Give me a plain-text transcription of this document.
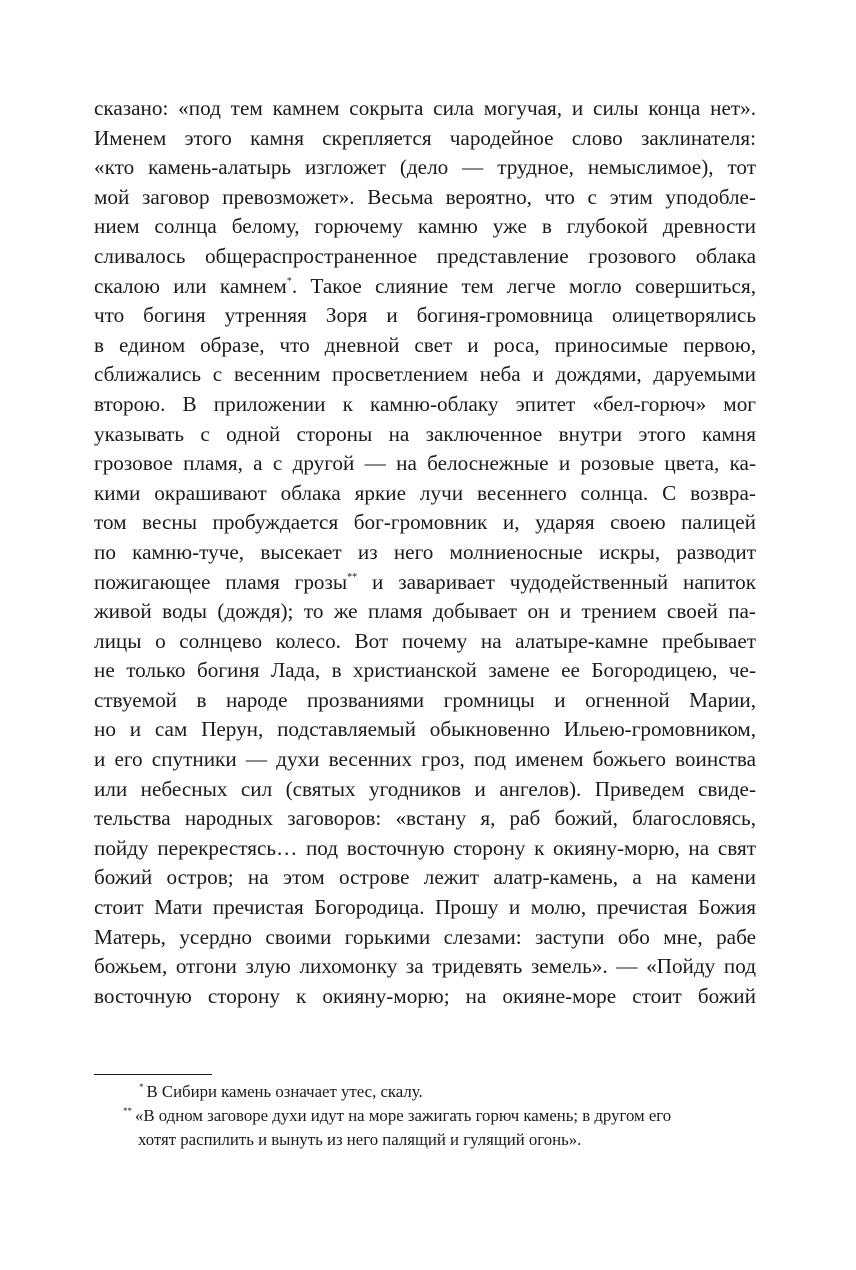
сказано: «под тем камнем сокрыта сила могучая, и силы конца нет».
Именем этого камня скрепляется чародейное слово заклинателя:
«кто камень-алатырь изгложет (дело — трудное, немыслимое), тот
мой заговор превозможет». Весьма вероятно, что с этим уподобле-
нием солнца белому, горючему камню уже в глубокой древности
сливалось общераспространенное представление грозового облака
скалою или камнем*. Такое слияние тем легче могло совершиться,
что богиня утренняя Зоря и богиня-громовница олицетворялись
в едином образе, что дневной свет и роса, приносимые первою,
сближались с весенним просветлением неба и дождями, даруемыми
второю. В приложении к камню-облаку эпитет «бел-горюч» мог
указывать с одной стороны на заключенное внутри этого камня
грозовое пламя, а с другой — на белоснежные и розовые цвета, ка-
кими окрашивают облака яркие лучи весеннего солнца. С возвра-
том весны пробуждается бог-громовник и, ударяя своею палицей
по камню-туче, высекает из него молниеносные искры, разводит
пожигающее пламя грозы** и заваривает чудодейственный напиток
живой воды (дождя); то же пламя добывает он и трением своей па-
лицы о солнцево колесо. Вот почему на алатыре-камне пребывает
не только богиня Лада, в христианской замене ее Богородицею, че-
ствуемой в народе прозваниями громницы и огненной Марии,
но и сам Перун, подставляемый обыкновенно Ильею-громовником,
и его спутники — духи весенних гроз, под именем божьего воинства
или небесных сил (святых угодников и ангелов). Приведем свиде-
тельства народных заговоров: «встану я, раб божий, благословясь,
пойду перекрестясь… под восточную сторону к окияну-морю, на свят
божий остров; на этом острове лежит алатр-камень, а на камени
стоит Мати пречистая Богородица. Прошу и молю, пречистая Божия
Матерь, усердно своими горькими слезами: заступи обо мне, рабе
божьем, отгони злую лихомонку за тридевять земель». — «Пойду под
восточную сторону к окияну-морю; на окияне-море стоит божий
* В Сибири камень означает утес, скалу.
** «В одном заговоре духи идут на море зажигать горюч камень; в другом его
хотят распилить и вынуть из него палящий и гулящий огонь».
